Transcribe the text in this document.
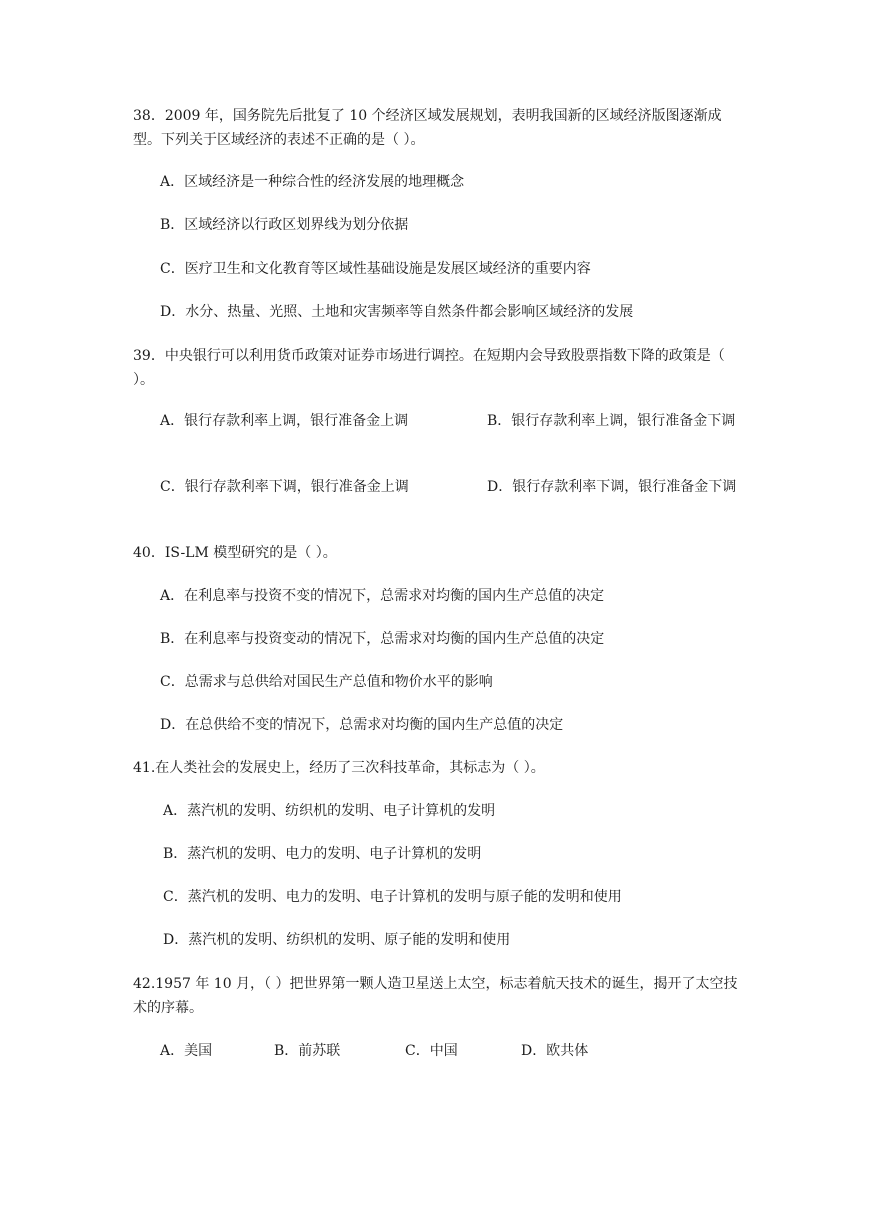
38．2009 年，国务院先后批复了 10 个经济区域发展规划，表明我国新的区域经济版图逐渐成型。下列关于区域经济的表述不正确的是（ ）。
A．区域经济是一种综合性的经济发展的地理概念
B．区域经济以行政区划界线为划分依据
C．医疗卫生和文化教育等区域性基础设施是发展区域经济的重要内容
D．水分、热量、光照、土地和灾害频率等自然条件都会影响区域经济的发展
39．中央银行可以利用货币政策对证券市场进行调控。在短期内会导致股票指数下降的政策是（ ）。
A．银行存款利率上调，银行准备金上调	B．银行存款利率上调，银行准备金下调
C．银行存款利率下调，银行准备金上调	D．银行存款利率下调，银行准备金下调
40．IS-LM 模型研究的是（ ）。
A．在利息率与投资不变的情况下，总需求对均衡的国内生产总值的决定
B．在利息率与投资变动的情况下，总需求对均衡的国内生产总值的决定
C．总需求与总供给对国民生产总值和物价水平的影响
D．在总供给不变的情况下，总需求对均衡的国内生产总值的决定
41.在人类社会的发展史上，经历了三次科技革命，其标志为（ ）。
A．蒸汽机的发明、纺织机的发明、电子计算机的发明
B．蒸汽机的发明、电力的发明、电子计算机的发明
C．蒸汽机的发明、电力的发明、电子计算机的发明与原子能的发明和使用
D．蒸汽机的发明、纺织机的发明、原子能的发明和使用
42.1957 年 10 月，（ ）把世界第一颗人造卫星送上太空，标志着航天技术的诞生，揭开了太空技术的序幕。
A．美国	B．前苏联	C．中国	D．欧共体
